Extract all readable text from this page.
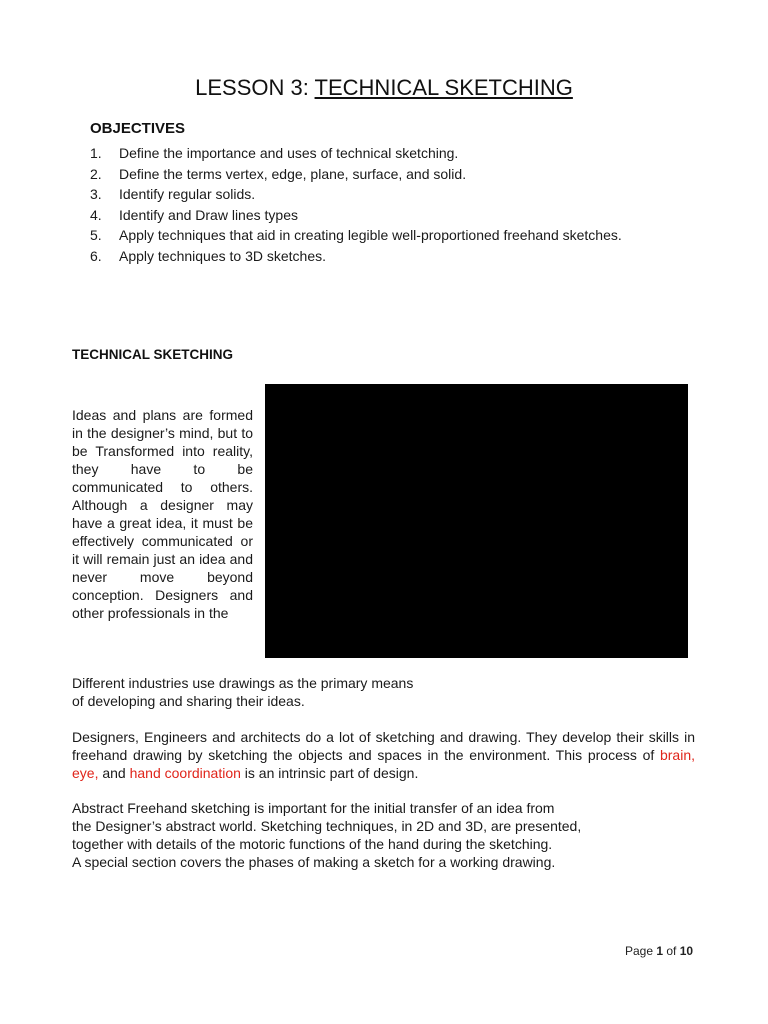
LESSON 3: TECHNICAL SKETCHING
OBJECTIVES
1.	Define the importance and uses of technical sketching.
2.	Define the terms vertex, edge, plane, surface, and solid.
3.	Identify regular solids.
4.	Identify and Draw lines types
5.	Apply techniques that aid in creating legible well-proportioned freehand sketches.
6.	Apply techniques to 3D sketches.
TECHNICAL SKETCHING
Ideas and plans are formed in the designer’s mind, but to be Transformed into reality, they have to be communicated to others. Although a designer may have a great idea, it must be effectively communicated or it will remain just an idea and never move beyond conception. Designers and other professionals in the
Different industries use drawings as the primary means
of developing and sharing their ideas.
Designers, Engineers and architects do a lot of sketching and drawing. They develop their skills in freehand drawing by sketching the objects and spaces in the environment. This process of brain, eye, and hand coordination is an intrinsic part of design.
Abstract Freehand sketching is important for the initial transfer of an idea from
the Designer’s abstract world. Sketching techniques, in 2D and 3D, are presented,
together with details of the motoric functions of the hand during the sketching.
A special section covers the phases of making a sketch for a working drawing.
Page 1 of 10
